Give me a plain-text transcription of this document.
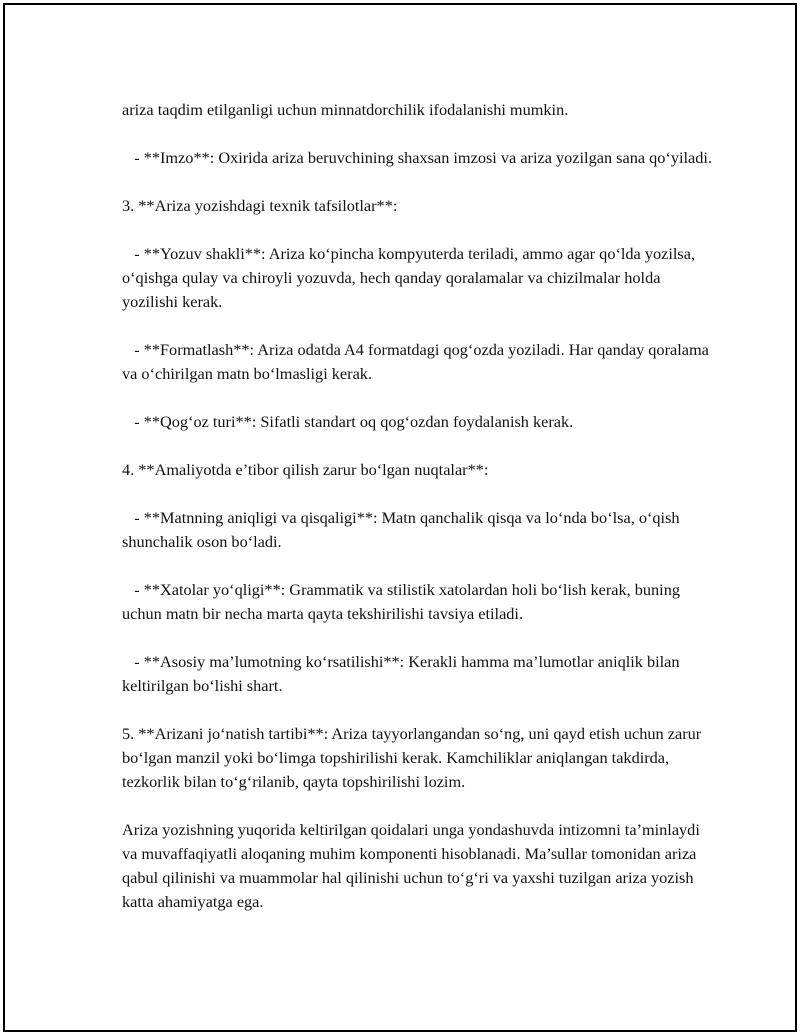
ariza taqdim etilganligi uchun minnatdorchilik ifodalanishi mumkin.

- **Imzo**: Oxirida ariza beruvchining shaxsan imzosi va ariza yozilgan sana qo‘yiladi.

3. **Ariza yozishdagi texnik tafsilotlar**:

- **Yozuv shakli**: Ariza ko‘pincha kompyuterda teriladi, ammo agar qo‘lda yozilsa, o‘qishga qulay va chiroyli yozuvda, hech qanday qoralamalar va chizilmalar holda yozilishi kerak.

- **Formatlash**: Ariza odatda A4 formatdagi qog‘ozda yoziladi. Har qanday qoralama va o‘chirilgan matn bo‘lmasligi kerak.

- **Qog‘oz turi**: Sifatli standart oq qog‘ozdan foydalanish kerak.

4. **Amaliyotda e’tibor qilish zarur bo‘lgan nuqtalar**:

- **Matnning aniqligi va qisqaligi**: Matn qanchalik qisqa va lo‘nda bo‘lsa, o‘qish shunchalik oson bo‘ladi.

- **Xatolar yo‘qligi**: Grammatik va stilistik xatolardan holi bo‘lish kerak, buning uchun matn bir necha marta qayta tekshirilishi tavsiya etiladi.

- **Asosiy ma’lumotning ko‘rsatilishi**: Kerakli hamma ma’lumotlar aniqlik bilan keltirilgan bo‘lishi shart.

5. **Arizani jo‘natish tartibi**: Ariza tayyorlangandan so‘ng, uni qayd etish uchun zarur bo‘lgan manzil yoki bo‘limga topshirilishi kerak. Kamchiliklar aniqlangan takdirda, tezkorlik bilan to‘g‘rilanib, qayta topshirilishi lozim.

Ariza yozishning yuqorida keltirilgan qoidalari unga yondashuvda intizomni ta’minlaydi va muvaffaqiyatli aloqaning muhim komponenti hisoblanadi. Ma’sullar tomonidan ariza qabul qilinishi va muammolar hal qilinishi uchun to‘g‘ri va yaxshi tuzilgan ariza yozish katta ahamiyatga ega.
